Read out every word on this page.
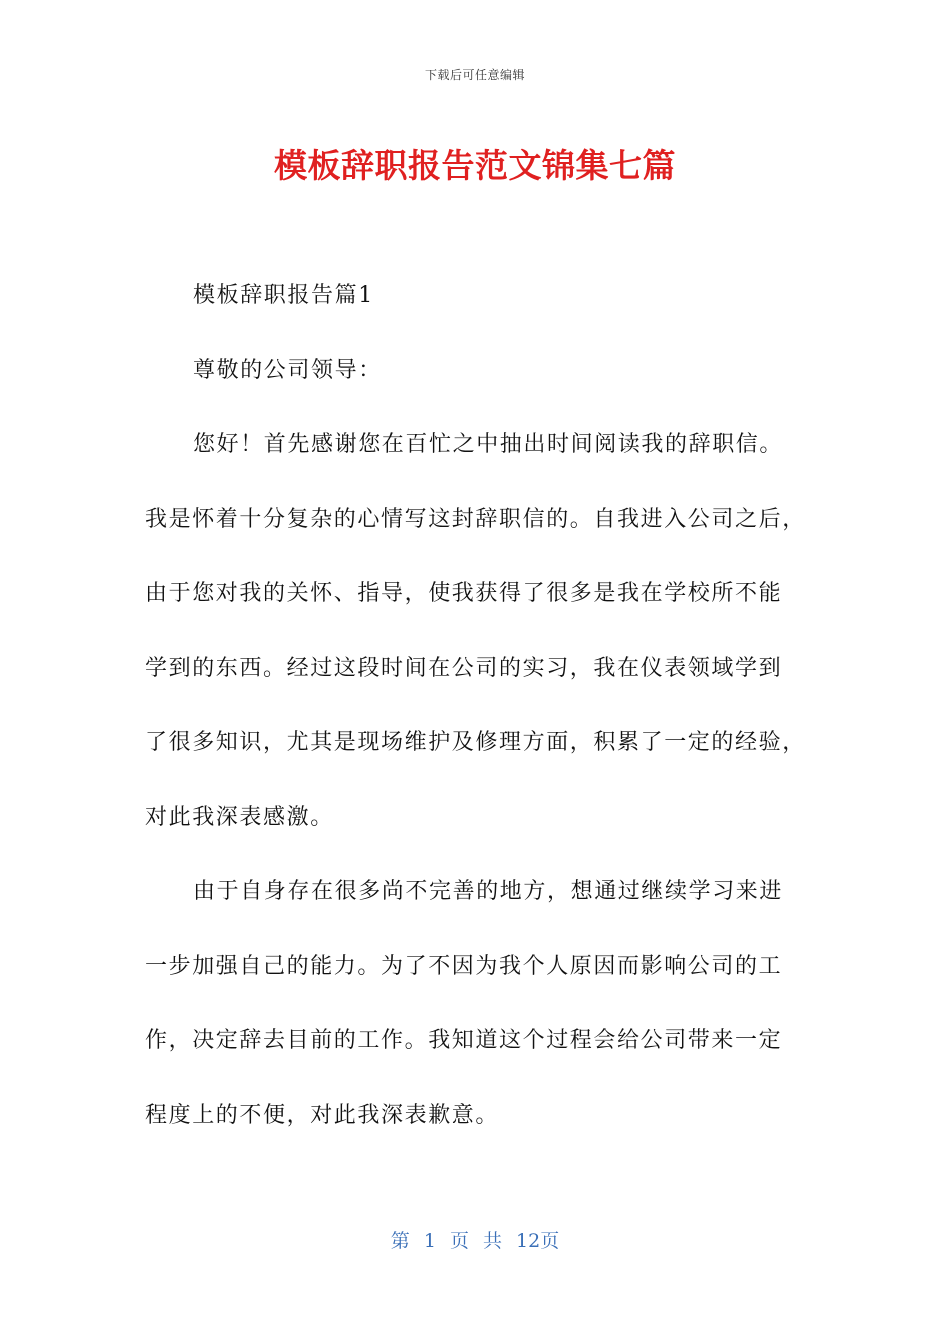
下载后可任意编辑
模板辞职报告范文锦集七篇
模板辞职报告篇1
尊敬的公司领导：
您好！首先感谢您在百忙之中抽出时间阅读我的辞职信。
我是怀着十分复杂的心情写这封辞职信的。自我进入公司之后，
由于您对我的关怀、指导，使我获得了很多是我在学校所不能
学到的东西。经过这段时间在公司的实习，我在仪表领域学到
了很多知识，尤其是现场维护及修理方面，积累了一定的经验，
对此我深表感激。
由于自身存在很多尚不完善的地方，想通过继续学习来进
一步加强自己的能力。为了不因为我个人原因而影响公司的工
作，决定辞去目前的工作。我知道这个过程会给公司带来一定
程度上的不便，对此我深表歉意。
第 1 页 共 12页
